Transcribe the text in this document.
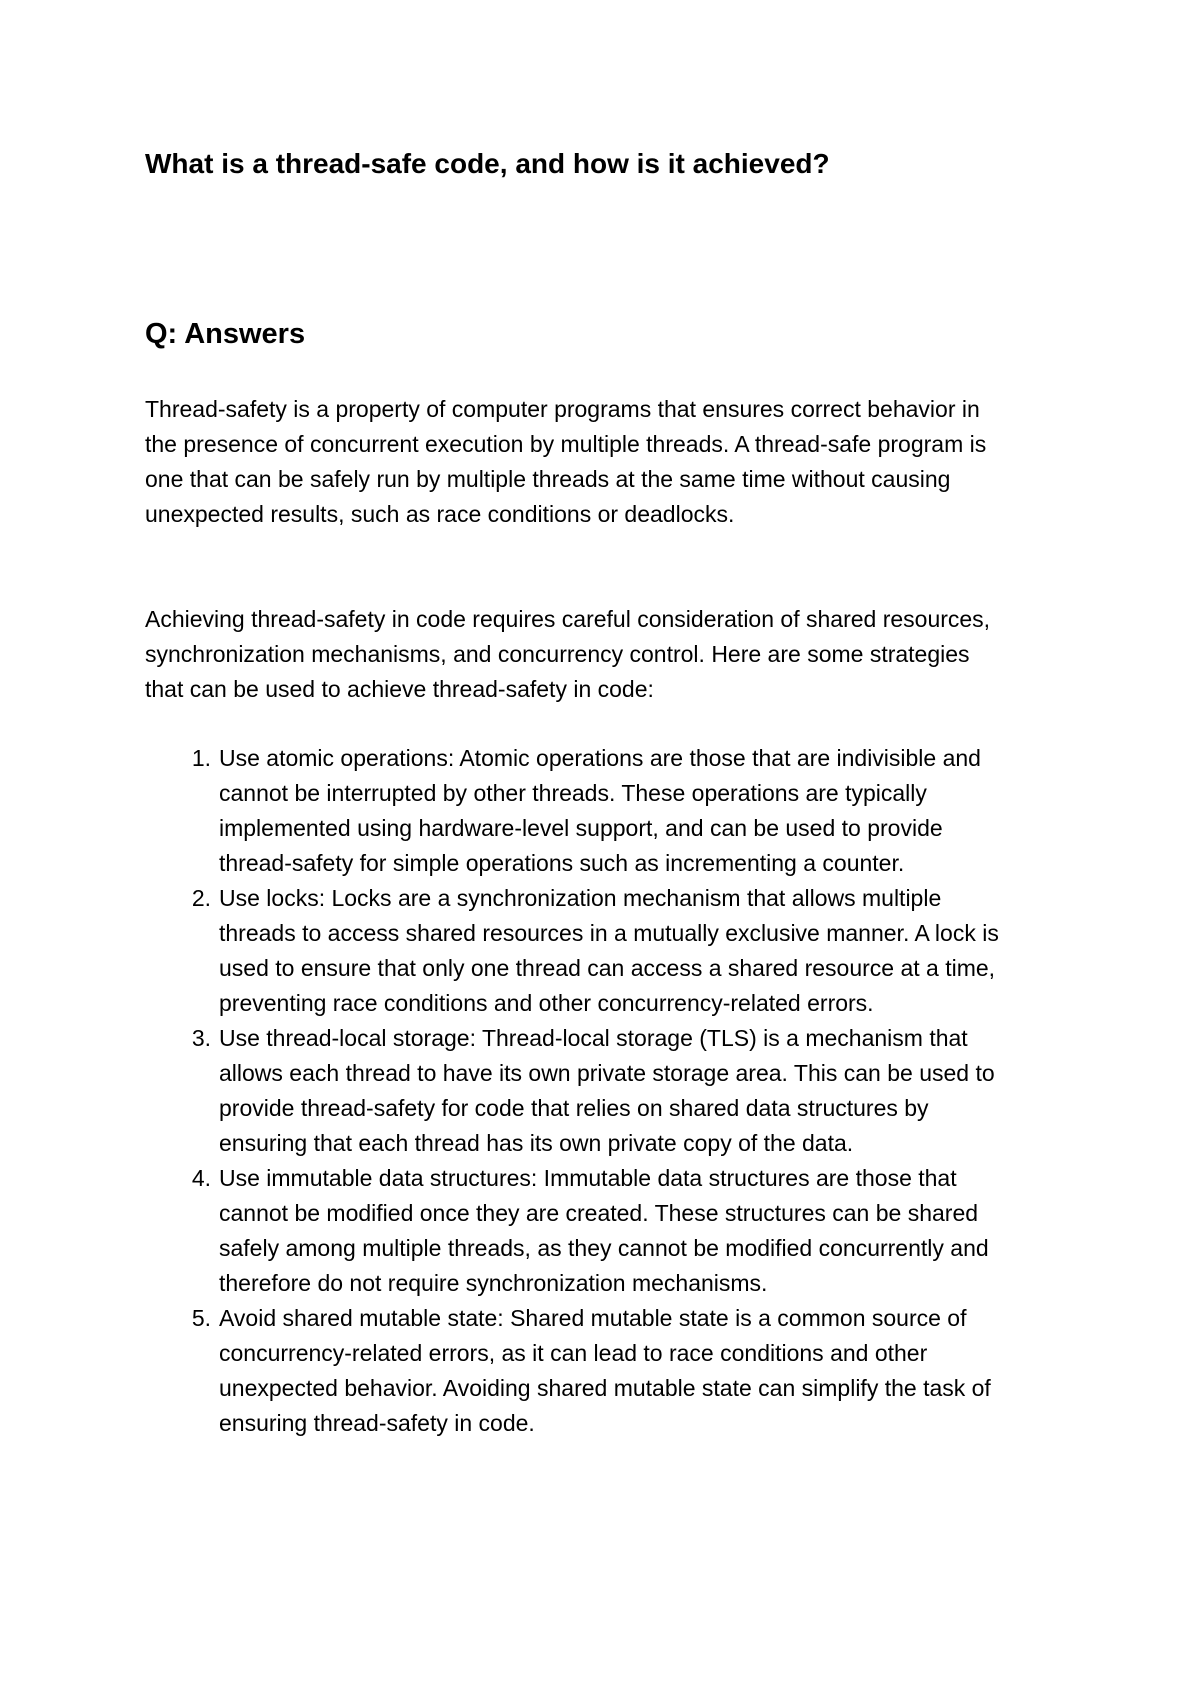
What is a thread-safe code, and how is it achieved?
Q: Answers

Thread-safety is a property of computer programs that ensures correct behavior in the presence of concurrent execution by multiple threads. A thread-safe program is one that can be safely run by multiple threads at the same time without causing unexpected results, such as race conditions or deadlocks.

Achieving thread-safety in code requires careful consideration of shared resources, synchronization mechanisms, and concurrency control. Here are some strategies that can be used to achieve thread-safety in code:

1. Use atomic operations: Atomic operations are those that are indivisible and cannot be interrupted by other threads. These operations are typically implemented using hardware-level support, and can be used to provide thread-safety for simple operations such as incrementing a counter.
2. Use locks: Locks are a synchronization mechanism that allows multiple threads to access shared resources in a mutually exclusive manner. A lock is used to ensure that only one thread can access a shared resource at a time, preventing race conditions and other concurrency-related errors.
3. Use thread-local storage: Thread-local storage (TLS) is a mechanism that allows each thread to have its own private storage area. This can be used to provide thread-safety for code that relies on shared data structures by ensuring that each thread has its own private copy of the data.
4. Use immutable data structures: Immutable data structures are those that cannot be modified once they are created. These structures can be shared safely among multiple threads, as they cannot be modified concurrently and therefore do not require synchronization mechanisms.
5. Avoid shared mutable state: Shared mutable state is a common source of concurrency-related errors, as it can lead to race conditions and other unexpected behavior. Avoiding shared mutable state can simplify the task of ensuring thread-safety in code.
